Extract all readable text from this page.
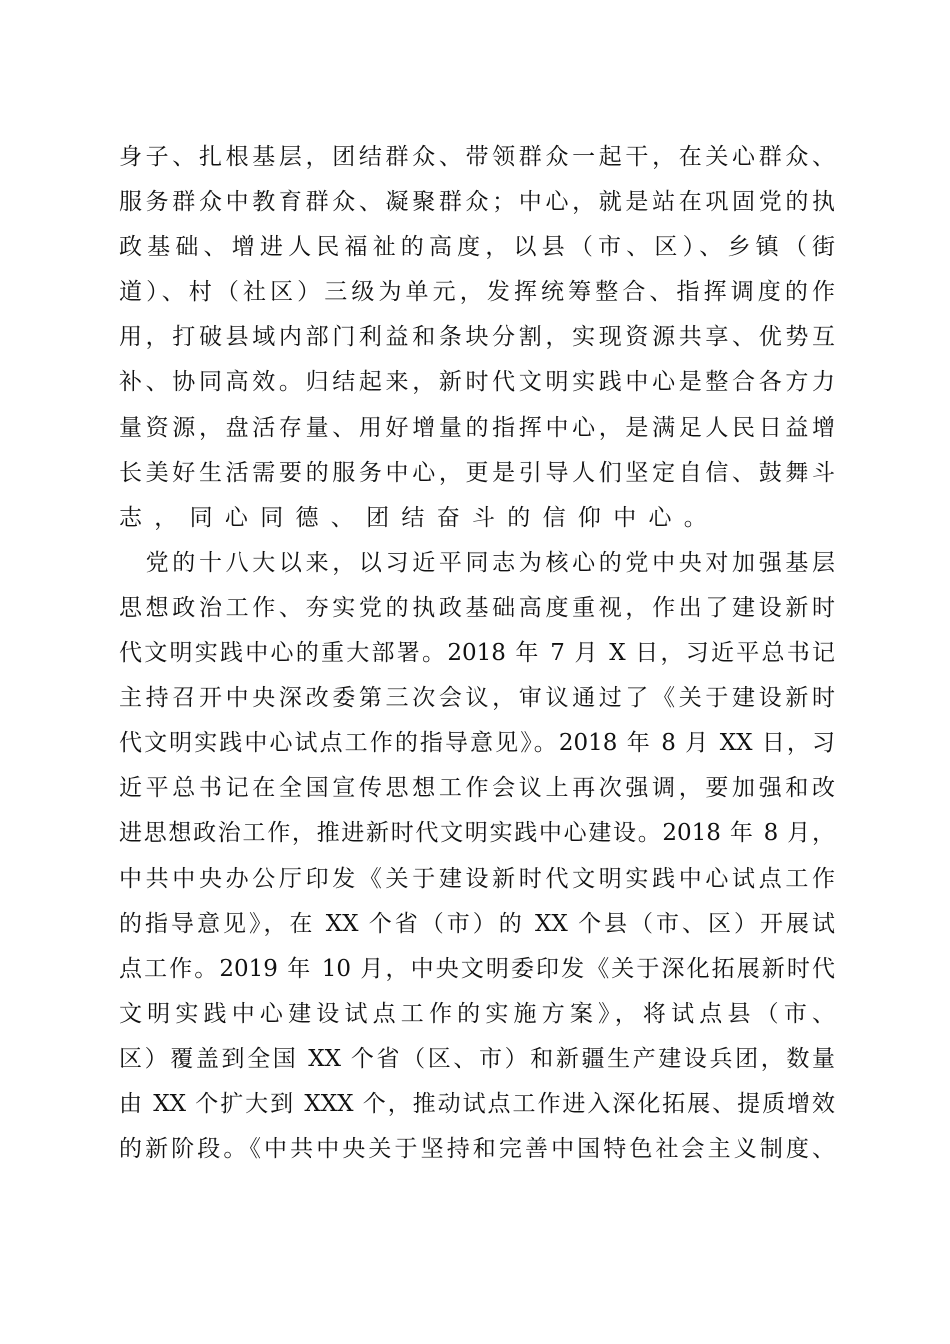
身子、扎根基层，团结群众、带领群众一起干，在关心群众、
服务群众中教育群众、凝聚群众；中心，就是站在巩固党的执
政基础、增进人民福祉的高度，以县（市、区）、乡镇（街
道）、村（社区）三级为单元，发挥统筹整合、指挥调度的作
用，打破县域内部门利益和条块分割，实现资源共享、优势互
补、协同高效。归结起来，新时代文明实践中心是整合各方力
量资源，盘活存量、用好增量的指挥中心，是满足人民日益增
长美好生活需要的服务中心，更是引导人们坚定自信、鼓舞斗
志，同心同德、团结奋斗的信仰中心。
　党的十八大以来，以习近平同志为核心的党中央对加强基层
思想政治工作、夯实党的执政基础高度重视，作出了建设新时
代文明实践中心的重大部署。2018 年 7 月 X 日，习近平总书记
主持召开中央深改委第三次会议，审议通过了《关于建设新时
代文明实践中心试点工作的指导意见》。2018 年 8 月 XX 日，习
近平总书记在全国宣传思想工作会议上再次强调，要加强和改
进思想政治工作，推进新时代文明实践中心建设。2018 年 8 月，
中共中央办公厅印发《关于建设新时代文明实践中心试点工作
的指导意见》，在 XX 个省（市）的 XX 个县（市、区）开展试
点工作。2019 年 10 月，中央文明委印发《关于深化拓展新时代
文明实践中心建设试点工作的实施方案》，将试点县（市、
区）覆盖到全国 XX 个省（区、市）和新疆生产建设兵团，数量
由 XX 个扩大到 XXX 个，推动试点工作进入深化拓展、提质增效
的新阶段。《中共中央关于坚持和完善中国特色社会主义制度、
